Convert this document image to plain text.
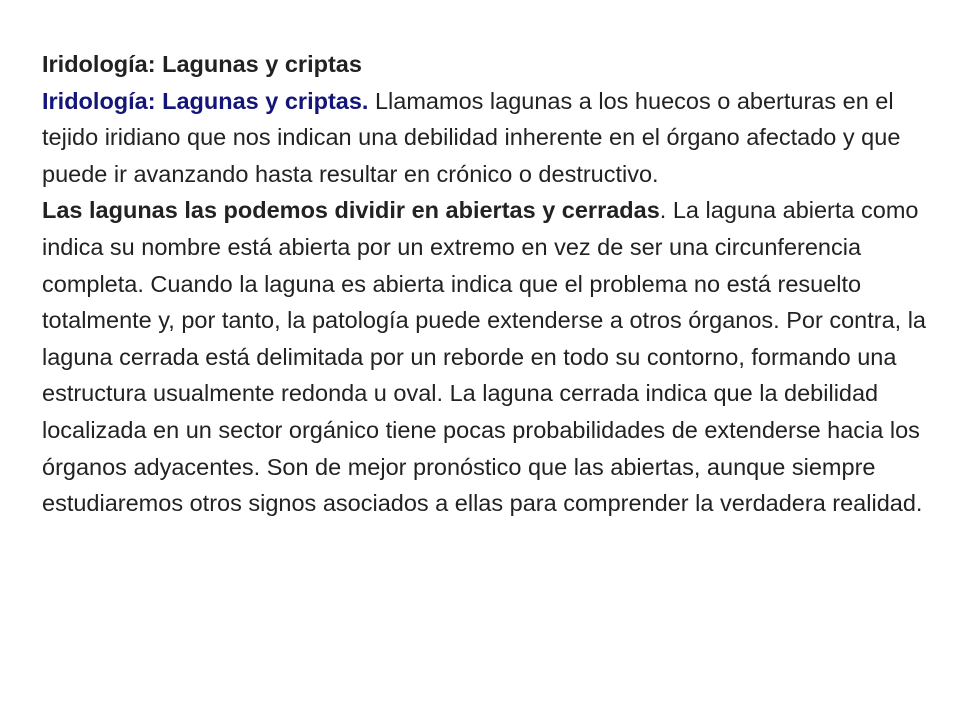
Iridología: Lagunas y criptas

Iridología: Lagunas y criptas. Llamamos lagunas a los huecos o aberturas en el tejido iridiano que nos indican una debilidad inherente en el órgano afectado y que puede ir avanzando hasta resultar en crónico o destructivo.

Las lagunas las podemos dividir en abiertas y cerradas. La laguna abierta como indica su nombre está abierta por un extremo en vez de ser una circunferencia completa. Cuando la laguna es abierta indica que el problema no está resuelto totalmente y, por tanto, la patología puede extenderse a otros órganos. Por contra, la laguna cerrada está delimitada por un reborde en todo su contorno, formando una estructura usualmente redonda u oval. La laguna cerrada indica que la debilidad localizada en un sector orgánico tiene pocas probabilidades de extenderse hacia los órganos adyacentes. Son de mejor pronóstico que las abiertas, aunque siempre estudiaremos otros signos asociados a ellas para comprender la verdadera realidad.
